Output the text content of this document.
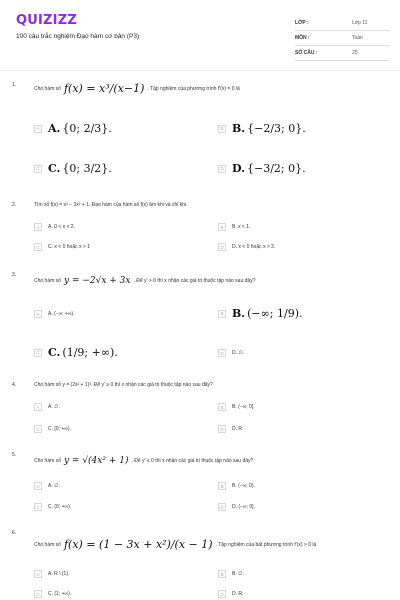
QUIZIZZ
100 câu trắc nghiệm Đạo hàm cơ bản (P3)
LỚP :	Lớp 11
MÔN :	Toán
SỐ CÂU :	25
1.
Cho hàm số f(x) = x³/(x−1) . Tập nghiệm của phương trình f'(x) = 0 là
A A. {0; 2/3}.	B B. {−2/3; 0}.
C C. {0; 3/2}.	D D. {−3/2; 0}.
2.	Tìm số f(x) = x³ − 3x² + 1. Đạo hàm của hàm số f(x) âm khi và chỉ khi.
A	A. 0 < x < 2.	B	B. x < 1.
C	C. x < 0 hoặc x > 1	D	D. x < 0 hoặc x > 2.
3.
Cho hàm số y = −2√x + 3x . Để y' > 0 thì x nhận các giá trị thuộc tập nào sau đây?
A	A. (−∞; +∞).	B B. (−∞; 1/9).
C C. (1/9; +∞).	D	D. ∅.
4.	Cho hàm số y = (2x² + 1)³. Để y' ≥ 0 thì x nhận các giá trị thuộc tập nào sau đây?
A	A. ∅.	B	B. (−∞; 0].
C	C. [0; +∞).	D	D. R
5.
Cho hàm số y = √(4x² + 1) . Để y' ≤ 0 thì x nhận các giá trị thuộc tập nào sau đây?
A	A. ∅.	B	B. (−∞; 0).
C	C. (0; +∞).	D	D. (−∞; 0].
6.
Cho hàm số f(x) = (1 − 3x + x²)/(x − 1) . Tập nghiệm của bất phương trình f'(x) > 0 là
A	A. R \ {1}.	B	B. ∅.
C	C. (1; +∞).	D	D. R.
